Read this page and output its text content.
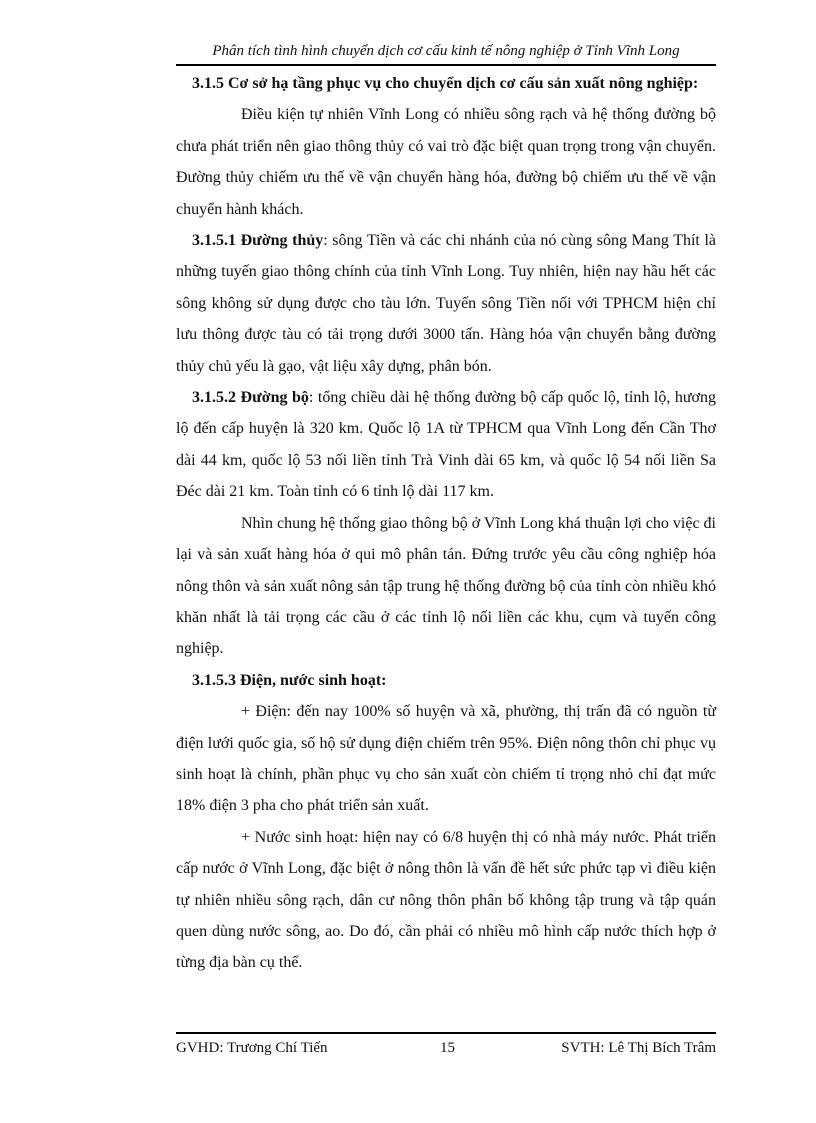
Phân tích tình hình chuyển dịch cơ cấu kinh tế nông nghiệp ở Tỉnh Vĩnh Long

3.1.5 Cơ sở hạ tầng phục vụ cho chuyển dịch cơ cấu sản xuất nông nghiệp:

Điều kiện tự nhiên Vĩnh Long có nhiều sông rạch và hệ thống đường bộ chưa phát triển nên giao thông thủy có vai trò đặc biệt quan trọng trong vận chuyển. Đường thủy chiếm ưu thế về vận chuyển hàng hóa, đường bộ chiếm ưu thế về vận chuyển hành khách.

3.1.5.1 Đường thủy: sông Tiền và các chi nhánh của nó cùng sông Mang Thít là những tuyến giao thông chính của tỉnh Vĩnh Long. Tuy nhiên, hiện nay hầu hết các sông không sử dụng được cho tàu lớn. Tuyến sông Tiền nối với TPHCM hiện chỉ lưu thông được tàu có tải trọng dưới 3000 tấn. Hàng hóa vận chuyển bằng đường thủy chủ yếu là gạo, vật liệu xây dựng, phân bón.

3.1.5.2 Đường bộ: tổng chiều dài hệ thống đường bộ cấp quốc lộ, tỉnh lộ, hương lộ đến cấp huyện là 320 km. Quốc lộ 1A từ TPHCM qua Vĩnh Long đến Cần Thơ dài 44 km, quốc lộ 53 nối liền tỉnh Trà Vinh dài 65 km, và quốc lộ 54 nối liền Sa Đéc dài 21 km. Toàn tỉnh có 6 tỉnh lộ dài 117 km.

Nhìn chung hệ thống giao thông bộ ở Vĩnh Long khá thuận lợi cho việc đi lại và sản xuất hàng hóa ở qui mô phân tán. Đứng trước yêu cầu công nghiệp hóa nông thôn và sản xuất nông sản tập trung hệ thống đường bộ của tỉnh còn nhiều khó khăn nhất là tải trọng các cầu ở các tỉnh lộ nối liền các khu, cụm và tuyến công nghiệp.

3.1.5.3 Điện, nước sinh hoạt:

+ Điện: đến nay 100% số huyện và xã, phường, thị trấn đã có nguồn từ điện lưới quốc gia, số hộ sử dụng điện chiếm trên 95%. Điện nông thôn chỉ phục vụ sinh hoạt là chính, phần phục vụ cho sản xuất còn chiếm tỉ trọng nhỏ chỉ đạt mức 18% điện 3 pha cho phát triển sản xuất.

+ Nước sinh hoạt: hiện nay có 6/8 huyện thị có nhà máy nước. Phát triển cấp nước ở Vĩnh Long, đặc biệt ở nông thôn là vấn đề hết sức phức tạp vì điều kiện tự nhiên nhiều sông rạch, dân cư nông thôn phân bố không tập trung và tập quán quen dùng nước sông, ao. Do đó, cần phải có nhiều mô hình cấp nước thích hợp ở từng địa bàn cụ thể.

GVHD: Trương Chí Tiến	15	SVTH: Lê Thị Bích Trâm
